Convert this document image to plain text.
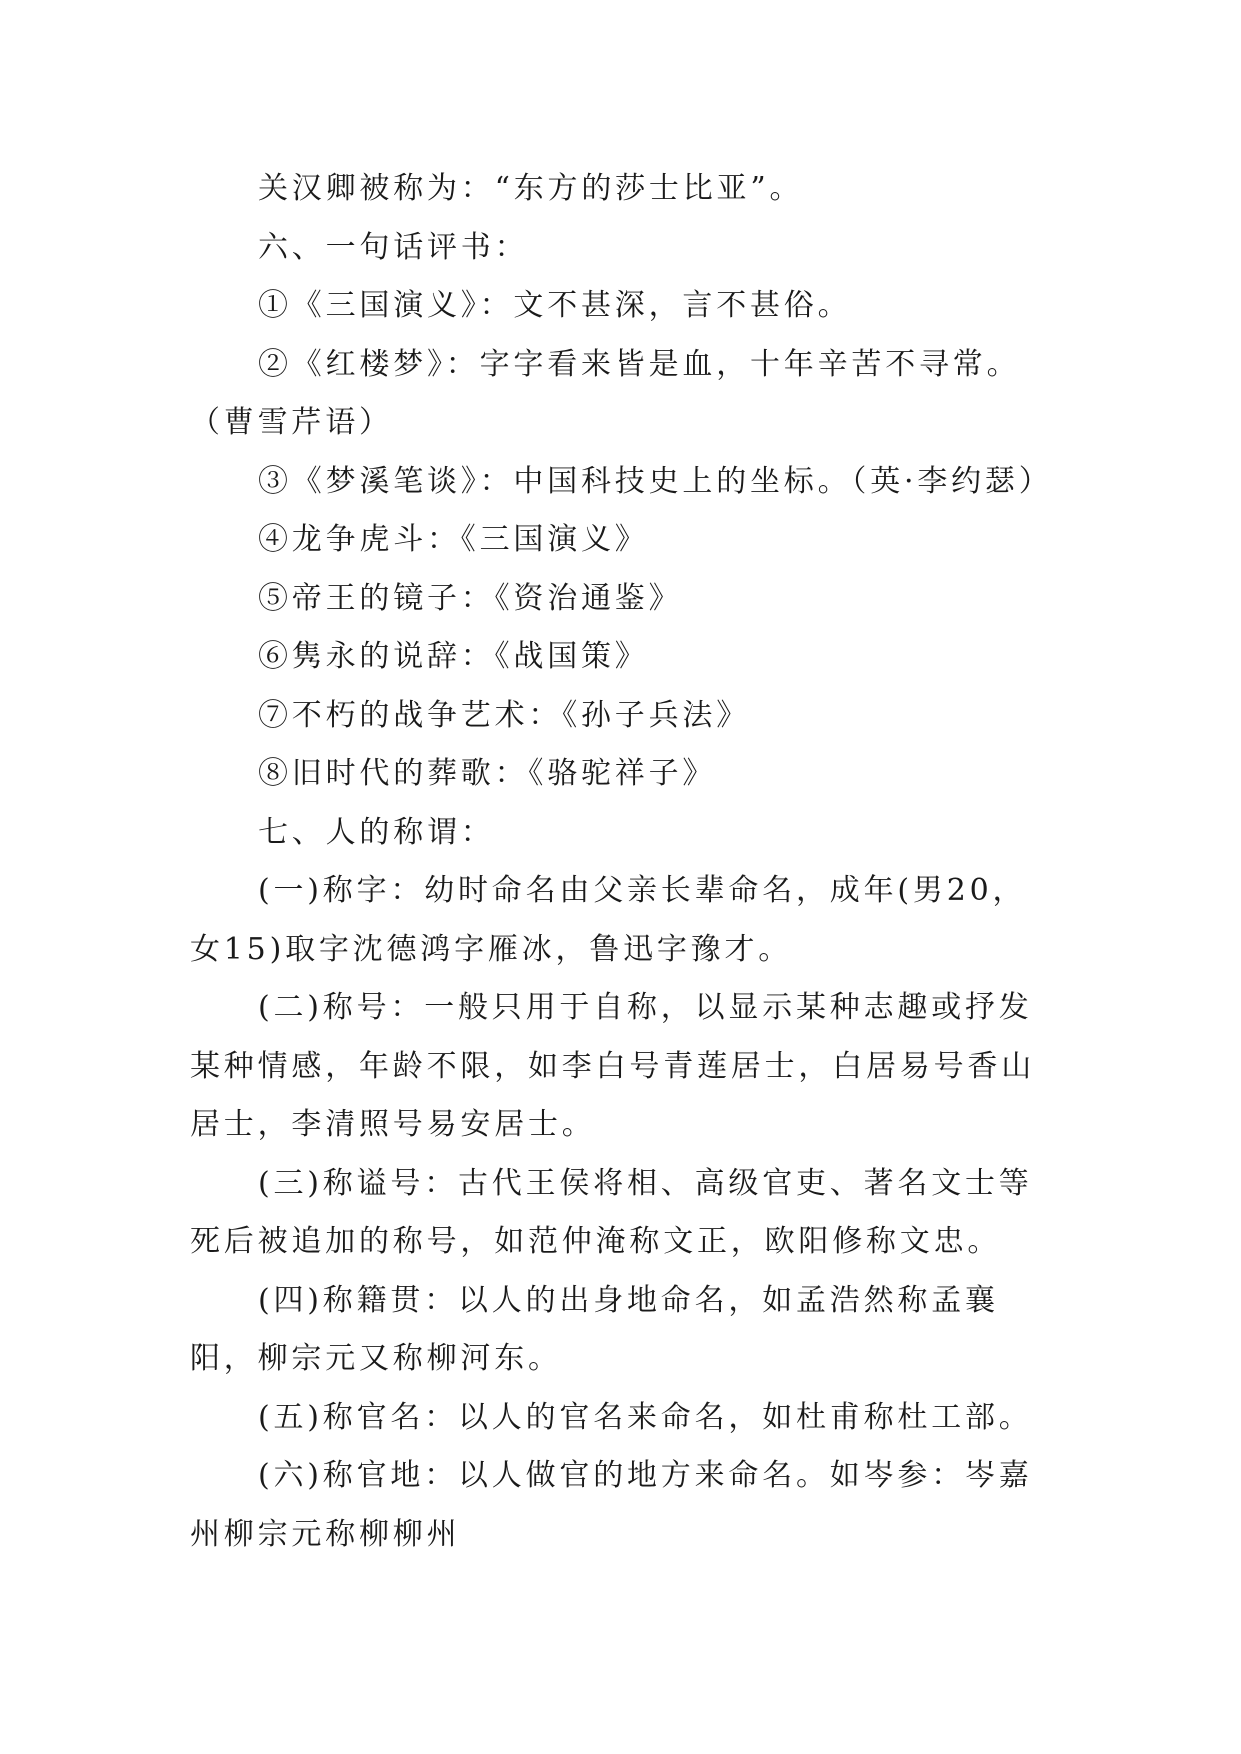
关汉卿被称为：“东方的莎士比亚”。

六、一句话评书：

①《三国演义》：文不甚深，言不甚俗。

②《红楼梦》：字字看来皆是血，十年辛苦不寻常。（曹雪芹语）

③《梦溪笔谈》：中国科技史上的坐标。（英·李约瑟）

④龙争虎斗：《三国演义》

⑤帝王的镜子：《资治通鉴》

⑥隽永的说辞：《战国策》

⑦不朽的战争艺术：《孙子兵法》

⑧旧时代的葬歌：《骆驼祥子》

七、人的称谓：

(一)称字：幼时命名由父亲长辈命名，成年(男20，女15)取字沈德鸿字雁冰，鲁迅字豫才。

(二)称号：一般只用于自称，以显示某种志趣或抒发某种情感，年龄不限，如李白号青莲居士，白居易号香山居士，李清照号易安居士。

(三)称谥号：古代王侯将相、高级官吏、著名文士等死后被追加的称号，如范仲淹称文正，欧阳修称文忠。

(四)称籍贯：以人的出身地命名，如孟浩然称孟襄阳，柳宗元又称柳河东。

(五)称官名：以人的官名来命名，如杜甫称杜工部。

(六)称官地：以人做官的地方来命名。如岑参：岑嘉州柳宗元称柳柳州
